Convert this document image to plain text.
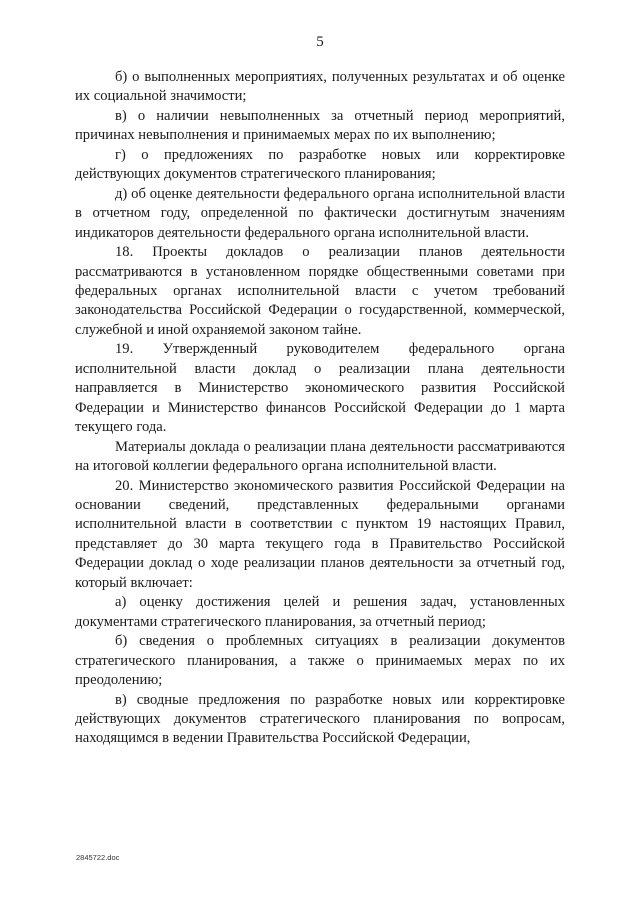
5

б) о выполненных мероприятиях, полученных результатах и об оценке их социальной значимости;

в) о наличии невыполненных за отчетный период мероприятий, причинах невыполнения и принимаемых мерах по их выполнению;

г) о предложениях по разработке новых или корректировке действующих документов стратегического планирования;

д) об оценке деятельности федерального органа исполнительной власти в отчетном году, определенной по фактически достигнутым значениям индикаторов деятельности федерального органа исполнительной власти.

18. Проекты докладов о реализации планов деятельности рассматриваются в установленном порядке общественными советами при федеральных органах исполнительной власти с учетом требований законодательства Российской Федерации о государственной, коммерческой, служебной и иной охраняемой законом тайне.

19. Утвержденный руководителем федерального органа исполнительной власти доклад о реализации плана деятельности направляется в Министерство экономического развития Российской Федерации и Министерство финансов Российской Федерации до 1 марта текущего года.

Материалы доклада о реализации плана деятельности рассматриваются на итоговой коллегии федерального органа исполнительной власти.

20. Министерство экономического развития Российской Федерации на основании сведений, представленных федеральными органами исполнительной власти в соответствии с пунктом 19 настоящих Правил, представляет до 30 марта текущего года в Правительство Российской Федерации доклад о ходе реализации планов деятельности за отчетный год, который включает:

а) оценку достижения целей и решения задач, установленных документами стратегического планирования, за отчетный период;

б) сведения о проблемных ситуациях в реализации документов стратегического планирования, а также о принимаемых мерах по их преодолению;

в) сводные предложения по разработке новых или корректировке действующих документов стратегического планирования по вопросам, находящимся в ведении Правительства Российской Федерации,

2845722.doc
